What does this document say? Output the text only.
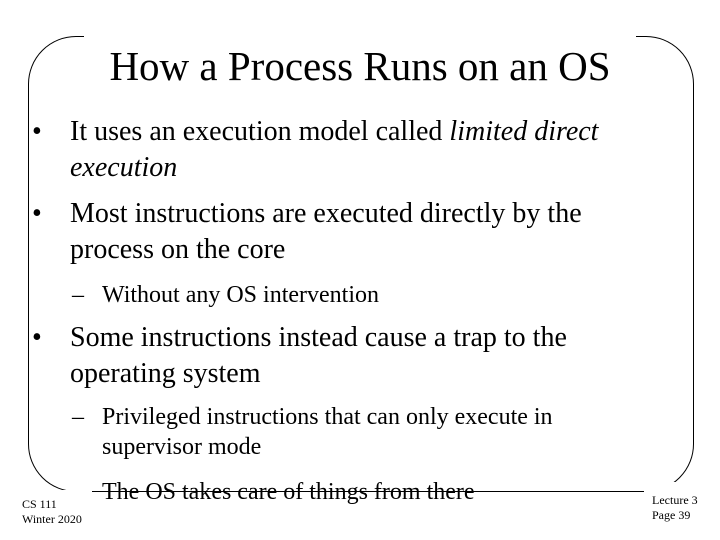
How a Process Runs on an OS
• It uses an execution model called limited direct
execution
• Most instructions are executed directly by the
process on the core
– Without any OS intervention
• Some instructions instead cause a trap to the
operating system
– Privileged instructions that can only execute in
supervisor mode
The OS takes care of things from there
CS 111
Winter 2020
Lecture 3
Page 39
